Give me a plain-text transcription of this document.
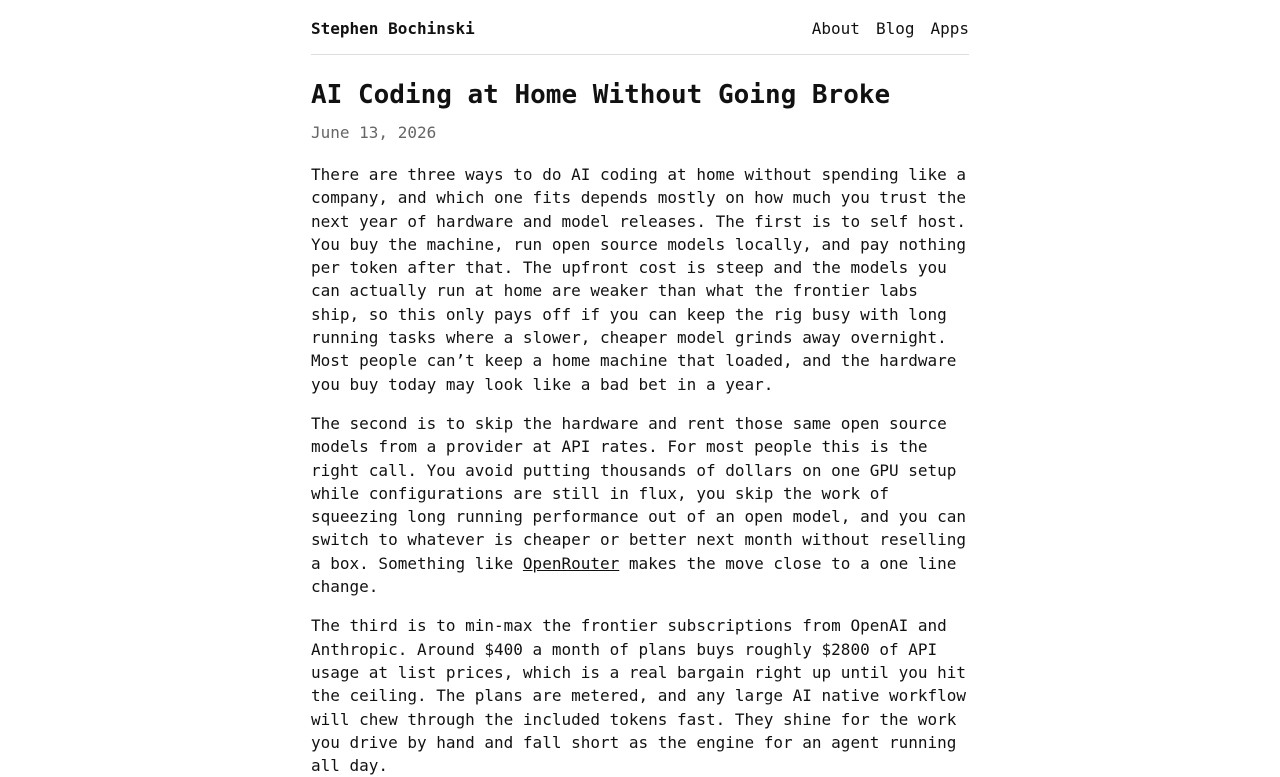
Stephen Bochinski	About Blog Apps
AI Coding at Home Without Going Broke
June 13, 2026

There are three ways to do AI coding at home without spending like a company, and which one fits depends mostly on how much you trust the next year of hardware and model releases. The first is to self host. You buy the machine, run open source models locally, and pay nothing per token after that. The upfront cost is steep and the models you can actually run at home are weaker than what the frontier labs ship, so this only pays off if you can keep the rig busy with long running tasks where a slower, cheaper model grinds away overnight. Most people can’t keep a home machine that loaded, and the hardware you buy today may look like a bad bet in a year.

The second is to skip the hardware and rent those same open source models from a provider at API rates. For most people this is the right call. You avoid putting thousands of dollars on one GPU setup while configurations are still in flux, you skip the work of squeezing long running performance out of an open model, and you can switch to whatever is cheaper or better next month without reselling a box. Something like OpenRouter makes the move close to a one line change.

The third is to min-max the frontier subscriptions from OpenAI and Anthropic. Around $400 a month of plans buys roughly $2800 of API usage at list prices, which is a real bargain right up until you hit the ceiling. The plans are metered, and any large AI native workflow will chew through the included tokens fast. They shine for the work you drive by hand and fall short as the engine for an agent running all day.
